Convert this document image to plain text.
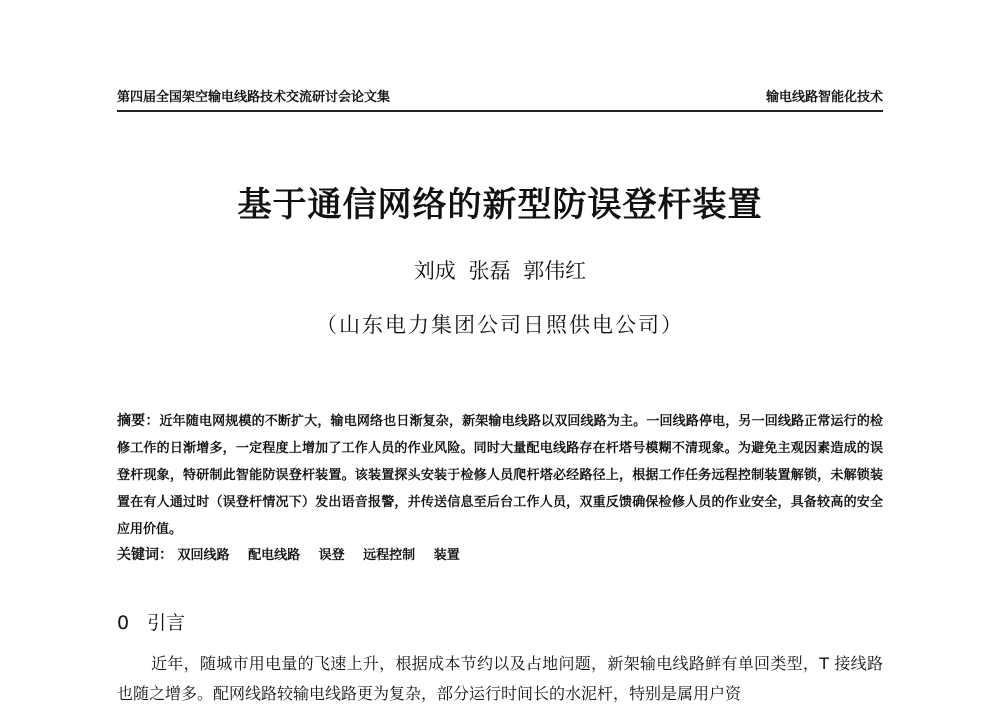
第四届全国架空输电线路技术交流研讨会论文集	输电线路智能化技术
基于通信网络的新型防误登杆装置
刘成 张磊 郭伟红
（山东电力集团公司日照供电公司）
摘要：近年随电网规模的不断扩大，输电网络也日渐复杂，新架输电线路以双回线路为主。一回线路停电，另一回线路正常运行的检修工作的日渐增多，一定程度上增加了工作人员的作业风险。同时大量配电线路存在杆塔号模糊不清现象。为避免主观因素造成的误登杆现象，特研制此智能防误登杆装置。该装置探头安装于检修人员爬杆塔必经路径上，根据工作任务远程控制装置解锁，未解锁装置在有人通过时（误登杆情况下）发出语音报警，并传送信息至后台工作人员，双重反馈确保检修人员的作业安全，具备较高的安全应用价值。
关键词： 双回线路 配电线路 误登 远程控制 装置
0 引言
近年，随城市用电量的飞速上升，根据成本节约以及占地问题，新架输电线路鲜有单回类型，T 接线路也随之增多。配网线路较输电线路更为复杂，部分运行时间长的水泥杆，特别是属用户资
